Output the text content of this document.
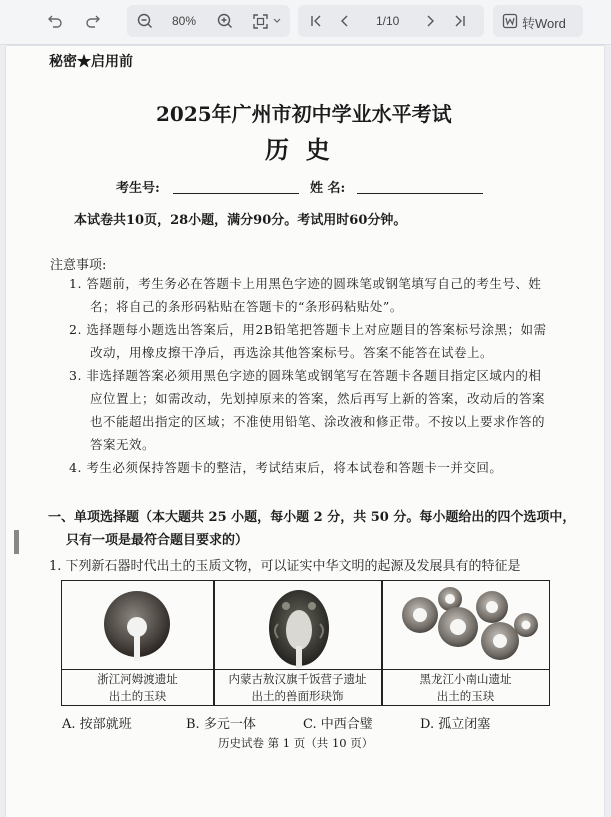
80%	1/10	转Word
秘密★启用前
2025年广州市初中学业水平考试
历  史
考生号:	姓 名:
本试卷共10页，28小题，满分90分。考试用时60分钟。
注意事项:
1. 答题前，考生务必在答题卡上用黑色字迹的圆珠笔或钢笔填写自己的考生号、姓
名；将自己的条形码粘贴在答题卡的“条形码粘贴处”。
2. 选择题每小题选出答案后，用2B铅笔把答题卡上对应题目的答案标号涂黑；如需
改动，用橡皮擦干净后，再选涂其他答案标号。答案不能答在试卷上。
3. 非选择题答案必须用黑色字迹的圆珠笔或钢笔写在答题卡各题目指定区域内的相
应位置上；如需改动，先划掉原来的答案，然后再写上新的答案，改动后的答案
也不能超出指定的区域；不准使用铅笔、涂改液和修正带。不按以上要求作答的
答案无效。
4. 考生必须保持答题卡的整洁，考试结束后，将本试卷和答题卡一并交回。
一、单项选择题（本大题共 25 小题，每小题 2 分，共 50 分。每小题给出的四个选项中，
只有一项是最符合题目要求的）
1. 下列新石器时代出土的玉质文物，可以证实中华文明的起源及发展具有的特征是
浙江河姆渡遗址
出土的玉玦
内蒙古敖汉旗千饭营子遗址
出土的兽面形玦饰
黑龙江小南山遗址
出土的玉玦
A. 按部就班	B. 多元一体	C. 中西合璧	D. 孤立闭塞
历史试卷 第 1 页（共 10 页）
